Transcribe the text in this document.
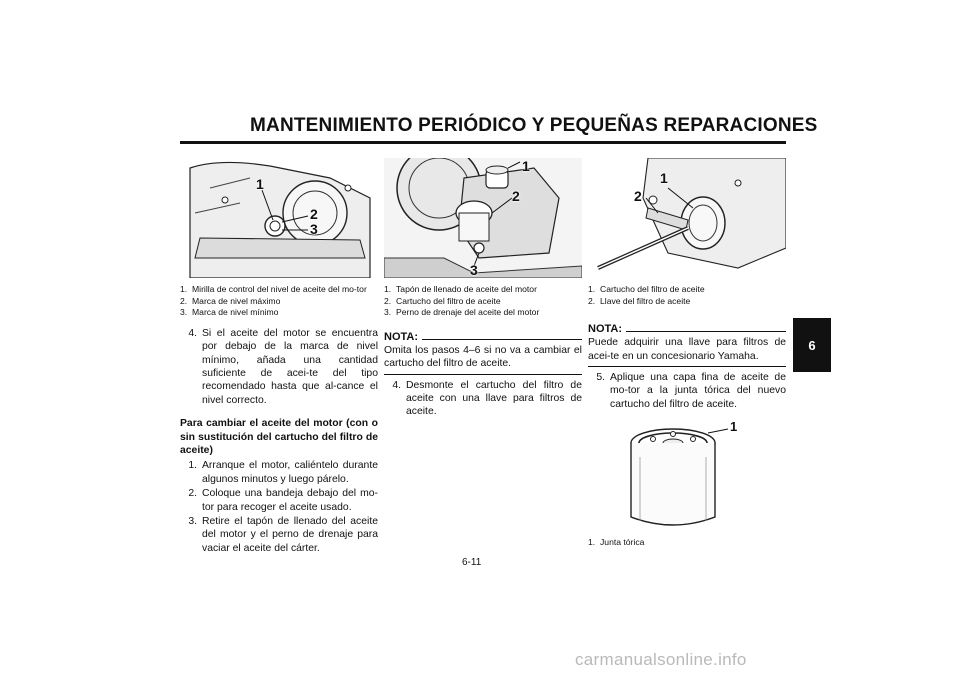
MANTENIMIENTO PERIÓDICO Y PEQUEÑAS REPARACIONES
6
1
2
3
1. Mirilla de control del nivel de aceite del mo-tor
2. Marca de nivel máximo
3. Marca de nivel mínimo
4. Si el aceite del motor se encuentra por debajo de la marca de nivel mínimo, añada una cantidad suficiente de acei-te del tipo recomendado hasta que al-cance el nivel correcto.
Para cambiar el aceite del motor (con o sin sustitución del cartucho del filtro de aceite)
1. Arranque el motor, caliéntelo durante algunos minutos y luego párelo.
2. Coloque una bandeja debajo del mo-tor para recoger el aceite usado.
3. Retire el tapón de llenado del aceite del motor y el perno de drenaje para vaciar el aceite del cárter.
1
2
3
1. Tapón de llenado de aceite del motor
2. Cartucho del filtro de aceite
3. Perno de drenaje del aceite del motor
NOTA:
Omita los pasos 4–6 si no va a cambiar el cartucho del filtro de aceite.
4. Desmonte el cartucho del filtro de aceite con una llave para filtros de aceite.
1
2
1. Cartucho del filtro de aceite
2. Llave del filtro de aceite
NOTA:
Puede adquirir una llave para filtros de acei-te en un concesionario Yamaha.
5. Aplique una capa fina de aceite de mo-tor a la junta tórica del nuevo cartucho del filtro de aceite.
1
1. Junta tórica
6-11
carmanualsonline.info
